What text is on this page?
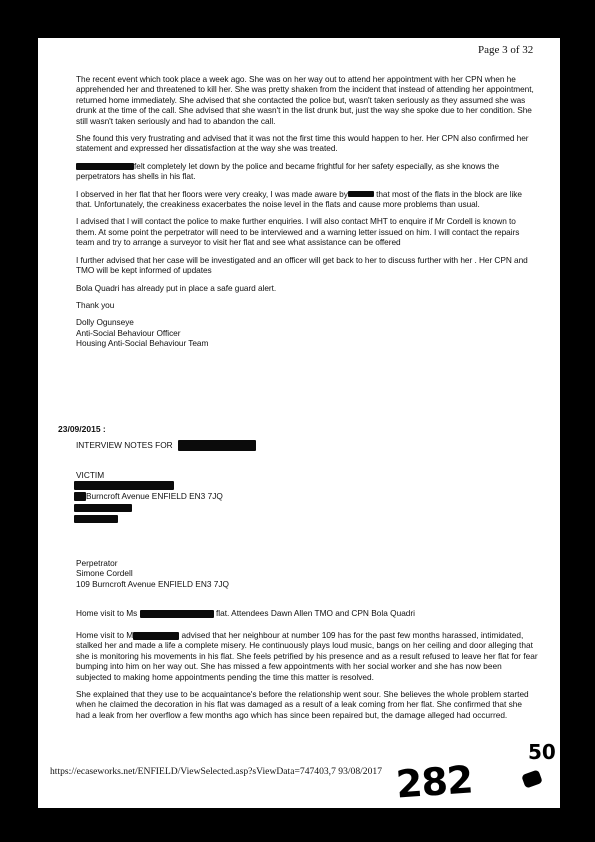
Page 3 of 32

The recent event which took place a week ago. She was on her way out to attend her appointment with her CPN when he apprehended her and threatened to kill her. She was pretty shaken from the incident that instead of attending her appointment, returned home immediately. She advised that she contacted the police but, wasn't taken seriously as they assumed she was drunk at the time of the call. She advised that she wasn't in the list drunk but, just the way she spoke due to her condition. She still wasn't taken seriously and had to abandon the call.

She found this very frustrating and advised that it was not the first time this would happen to her. Her CPN also confirmed her statement and expressed her dissatisfaction at the way she was treated.

felt completely let down by the police and became frightful for her safety especially, as she knows the perpetrators has shells in his flat.

I observed in her flat that her floors were very creaky, I was made aware by	that most of the flats in the block are like that. Unfortunately, the creakiness exacerbates the noise level in the flats and cause more problems than usual.

I advised that I will contact the police to make further enquiries. I will also contact MHT to enquire if Mr Cordell is known to them. At some point the perpetrator will need to be interviewed and a warning letter issued on him. I will contact the repairs team and try to arrange a surveyor to visit her flat and see what assistance can be offered

I further advised that her case will be investigated and an officer will get back to her to discuss further with her . Her CPN and TMO will be kept informed of updates

Bola Quadri has already put in place a safe guard alert.

Thank you

Dolly Ogunseye
Anti-Social Behaviour Officer
Housing Anti-Social Behaviour Team
23/09/2015 :
INTERVIEW NOTES FOR
VICTIM
Burncroft Avenue ENFIELD EN3 7JQ
Perpetrator
Simone Cordell
109 Burncroft Avenue ENFIELD EN3 7JQ
Home visit to Ms	flat. Attendees Dawn Allen TMO and CPN Bola Quadri

Home visit to M	advised that her neighbour at number 109 has for the past few months harassed, intimidated, stalked her and made a life a complete misery. He continuously plays loud music, bangs on her ceiling and door alleging that she is monitoring his movements in his flat. She feels petrified by his presence and as a result refused to leave her flat for fear bumping into him on her way out. She has missed a few appointments with her social worker and she has now been subjected to making home appointments pending the time this matter is resolved.

She explained that they use to be acquaintance's before the relationship went sour. She believes the whole problem started when he claimed the decoration in his flat was damaged as a result of a leak coming from her flat. She confirmed that she had a leak from her overflow a few months ago which has since been repaired but, the damage alleged had occurred.

https://ecaseworks.net/ENFIELD/ViewSelected.asp?sViewData=747403,7 93/08/2017 282
50
